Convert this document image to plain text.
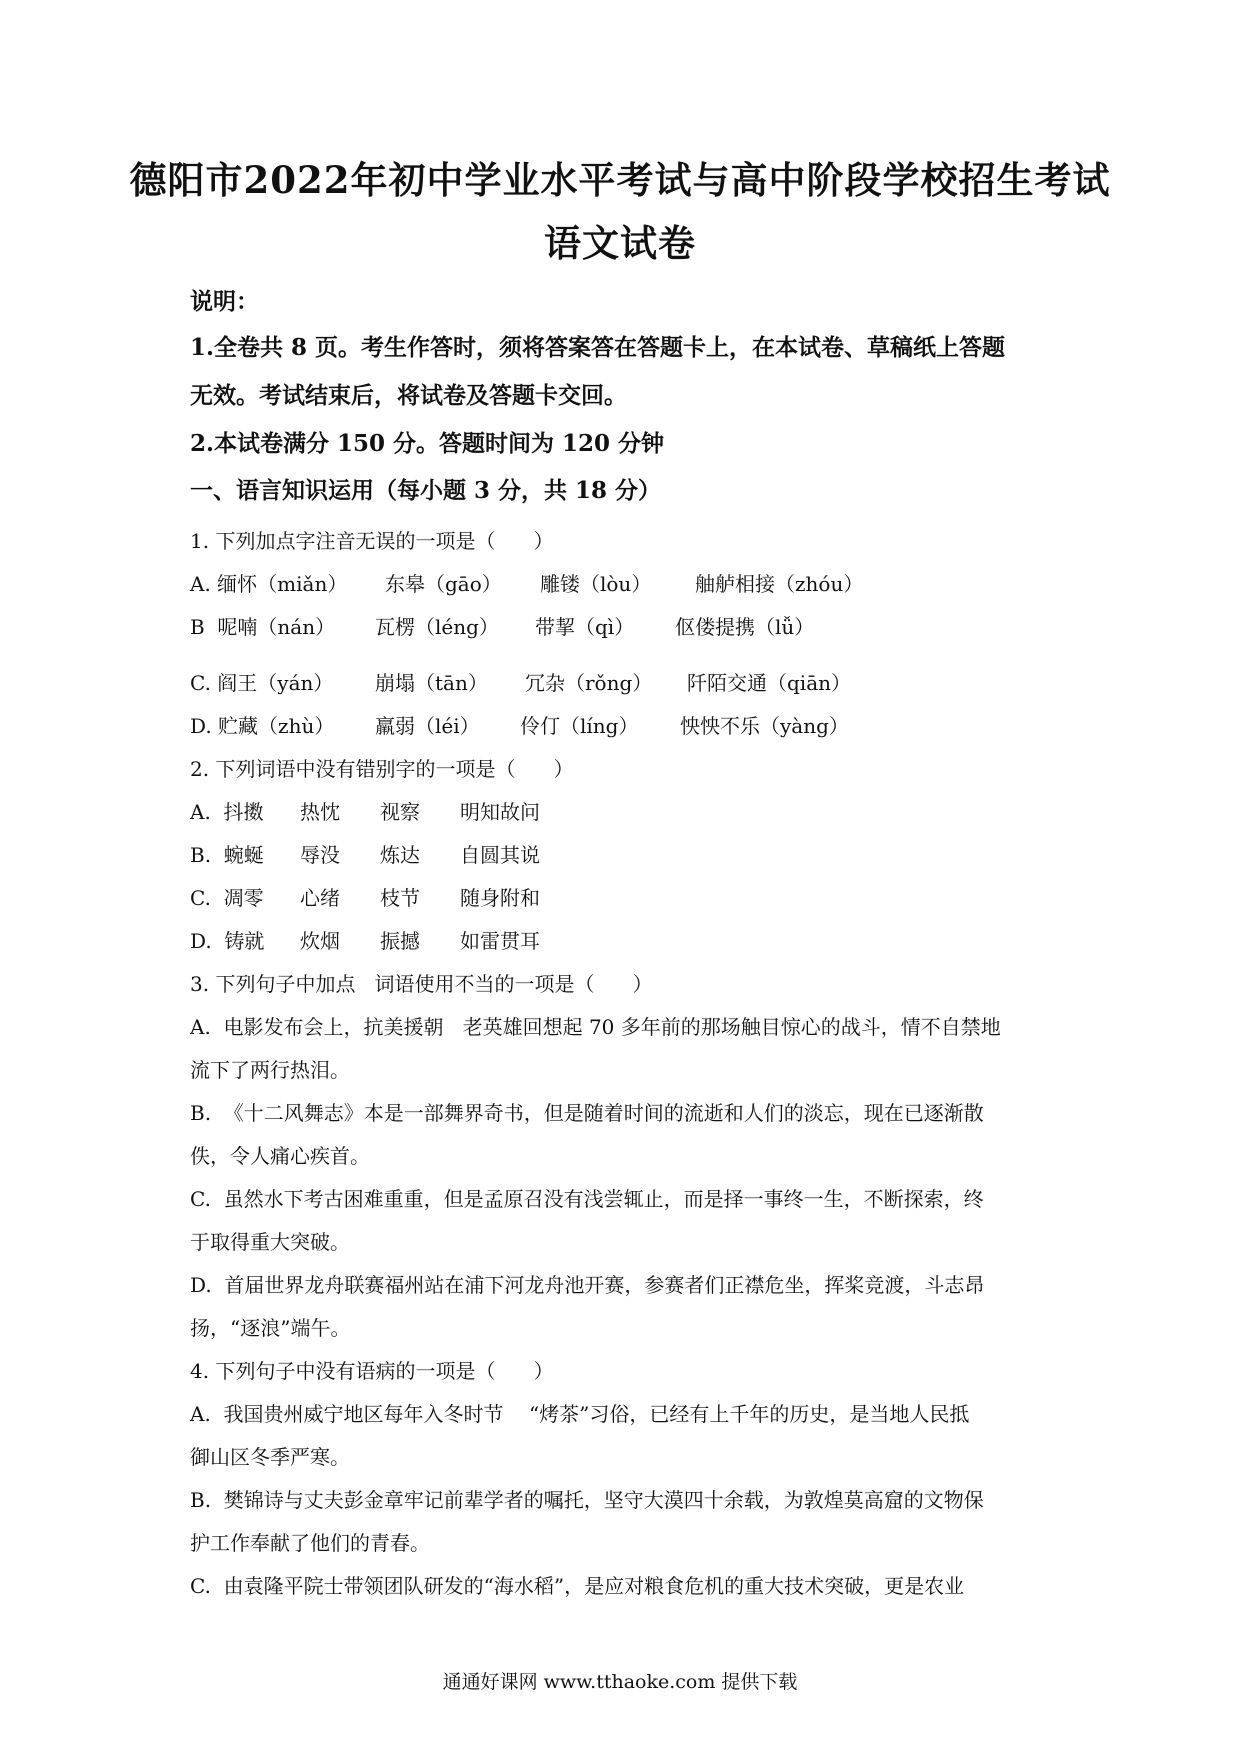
德阳市2022年初中学业水平考试与高中阶段学校招生考试
语文试卷
说明：
1.全卷共 8 页。考生作答时，须将答案答在答题卡上，在本试卷、草稿纸上答题
无效。考试结束后，将试卷及答题卡交回。
2.本试卷满分 150 分。答题时间为 120 分钟
一、语言知识运用（每小题 3 分，共 18 分）
1. 下列加点字注音无误的一项是（      ）
A. 缅怀（miǎn） 东皋（gāo） 雕镂（lòu） 舳舻相接（zhóu）
B  呢喃（nán） 瓦楞（léng） 带挈（qì） 伛偻提携（lǚ）
C. 阎王（yán） 崩塌（tān） 冗杂（rǒng） 阡陌交通（qiān）
D. 贮藏（zhù） 羸弱（léi） 伶仃（líng） 怏怏不乐（yàng）
2. 下列词语中没有错别字的一项是（      ）
A.  抖擞 热忱 视察 明知故问
B.  蜿蜒 辱没 炼达 自圆其说
C.  凋零 心绪 枝节 随身附和
D.  铸就 炊烟 振撼 如雷贯耳
3. 下列句子中加点   词语使用不当的一项是（      ）
A.  电影发布会上，抗美援朝   老英雄回想起 70 多年前的那场触目惊心的战斗，情不自禁地
流下了两行热泪。
B.  《十二风舞志》本是一部舞界奇书，但是随着时间的流逝和人们的淡忘，现在已逐渐散
佚，令人痛心疾首。
C.  虽然水下考古困难重重，但是孟原召没有浅尝辄止，而是择一事终一生，不断探索，终
于取得重大突破。
D.  首届世界龙舟联赛福州站在浦下河龙舟池开赛，参赛者们正襟危坐，挥桨竞渡，斗志昂
扬，“逐浪”端午。
4. 下列句子中没有语病的一项是（      ）
A.  我国贵州威宁地区每年入冬时节    “烤茶”习俗，已经有上千年的历史，是当地人民抵
御山区冬季严寒。
B.  樊锦诗与丈夫彭金章牢记前辈学者的嘱托，坚守大漠四十余载，为敦煌莫高窟的文物保
护工作奉献了他们的青春。
C.  由袁隆平院士带领团队研发的“海水稻”，是应对粮食危机的重大技术突破，更是农业
通通好课网 www.tthaoke.com 提供下载
